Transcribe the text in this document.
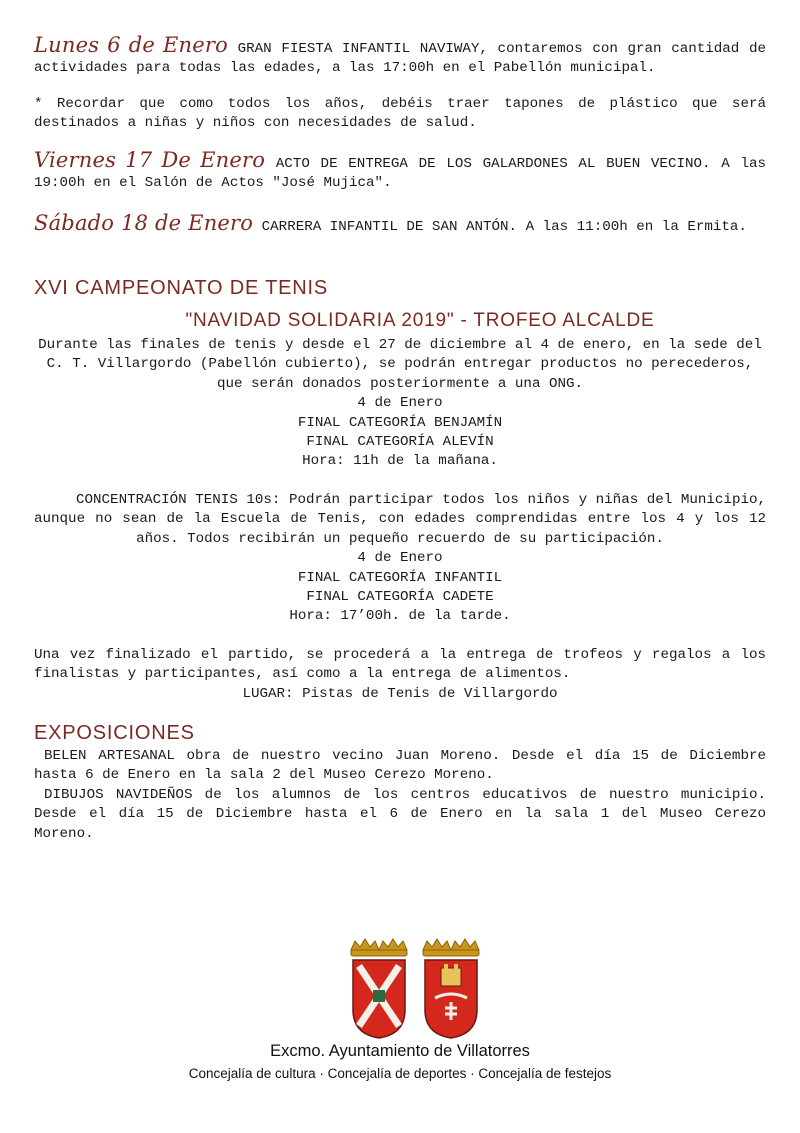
Lunes 6 de Enero GRAN FIESTA INFANTIL NAVIWAY, contaremos con gran cantidad de actividades para todas las edades, a las 17:00h en el Pabellón municipal.

* Recordar que como todos los años, debéis traer tapones de plástico que será destinados a niñas y niños con necesidades de salud.

Viernes 17 De Enero ACTO DE ENTREGA DE LOS GALARDONES AL BUEN VECINO. A las 19:00h en el Salón de Actos "José Mujica".

Sábado 18 de Enero CARRERA INFANTIL DE SAN ANTÓN. A las 11:00h en la Ermita.

XVI CAMPEONATO DE TENIS
"NAVIDAD SOLIDARIA 2019" - TROFEO ALCALDE

Durante las finales de tenis y desde el 27 de diciembre al 4 de enero, en la sede del C. T. Villargordo (Pabellón cubierto), se podrán entregar productos no perecederos, que serán donados posteriormente a una ONG.

4 de Enero
FINAL CATEGORÍA BENJAMÍN
FINAL CATEGORÍA ALEVÍN
Hora: 11h de la mañana.

CONCENTRACIÓN TENIS 10s: Podrán participar todos los niños y niñas del Municipio, aunque no sean de la Escuela de Tenis, con edades comprendidas entre los 4 y los 12 años. Todos recibirán un pequeño recuerdo de su participación.

4 de Enero
FINAL CATEGORÍA INFANTIL
FINAL CATEGORÍA CADETE
Hora: 17’00h. de la tarde.

Una vez finalizado el partido, se procederá a la entrega de trofeos y regalos a los finalistas y participantes, así como a la entrega de alimentos.

LUGAR: Pistas de Tenis de Villargordo

EXPOSICIONES

BELEN ARTESANAL obra de nuestro vecino Juan Moreno. Desde el día 15 de Diciembre hasta 6 de Enero en la sala 2 del Museo Cerezo Moreno.

DIBUJOS NAVIDEÑOS de los alumnos de los centros educativos de nuestro municipio. Desde el día 15 de Diciembre hasta el 6 de Enero en la sala 1 del Museo Cerezo Moreno.

Excmo. Ayuntamiento de Villatorres
Concejalía de cultura · Concejalía de deportes · Concejalía de festejos
